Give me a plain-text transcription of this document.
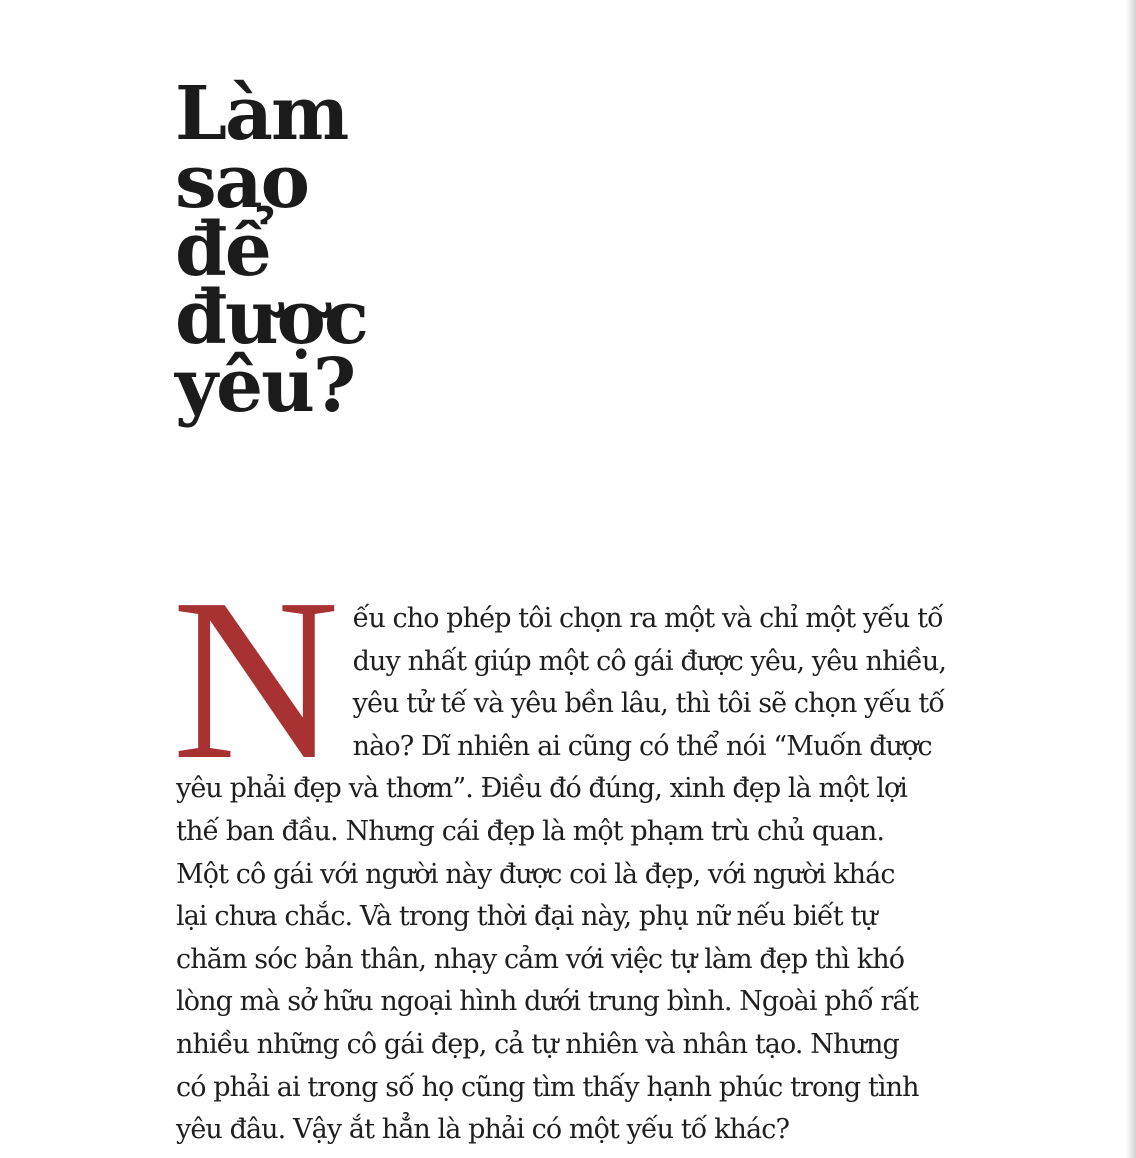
Làm
sao
để
được
yêu?
N ếu cho phép tôi chọn ra một và chỉ một yếu tố
duy nhất giúp một cô gái được yêu, yêu nhiều,
yêu tử tế và yêu bền lâu, thì tôi sẽ chọn yếu tố
nào? Dĩ nhiên ai cũng có thể nói “Muốn được
yêu phải đẹp và thơm”. Điều đó đúng, xinh đẹp là một lợi
thế ban đầu. Nhưng cái đẹp là một phạm trù chủ quan.
Một cô gái với người này được coi là đẹp, với người khác
lại chưa chắc. Và trong thời đại này, phụ nữ nếu biết tự
chăm sóc bản thân, nhạy cảm với việc tự làm đẹp thì khó
lòng mà sở hữu ngoại hình dưới trung bình. Ngoài phố rất
nhiều những cô gái đẹp, cả tự nhiên và nhân tạo. Nhưng
có phải ai trong số họ cũng tìm thấy hạnh phúc trong tình
yêu đâu. Vậy ắt hẳn là phải có một yếu tố khác?
